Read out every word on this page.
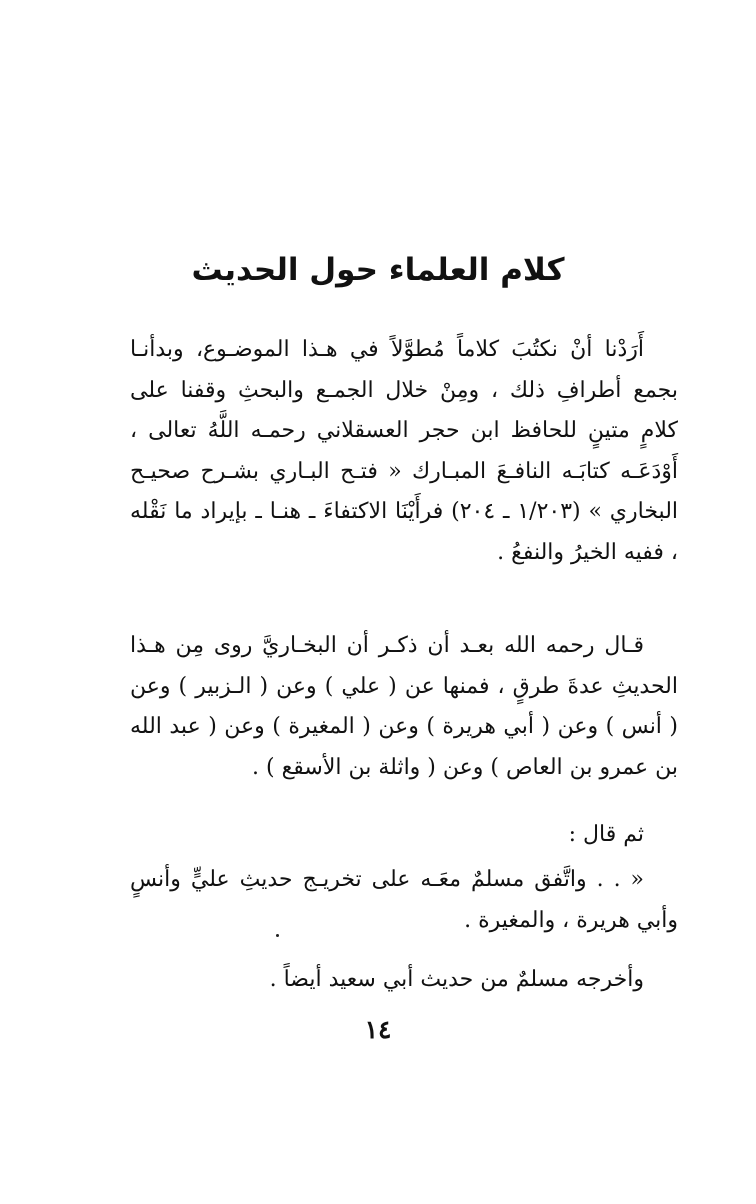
كلام العلماء حول الحديث

أَرَدْنا أنْ نكتُبَ كلاماً مُطوَّلاً في هـذا الموضـوع، وبدأنـا بجمع أطرافِ ذلك ، ومِنْ خلال الجمـع والبحثِ وقفنا على كلامٍ متينٍ للحافظ ابن حجر العسقلاني رحمـه اللَّهُ تعالى ، أَوْدَعَـه كتابَـه النافـعَ المبـارك « فتـح البـاري بشـرح صحيـح البخاري » (١/٢٠٣ ـ ٢٠٤) فرأَيْنَا الاكتفاءَ ـ هنـا ـ بإيراد ما نَقْله ، ففيه الخيرُ والنفعُ .

قـال رحمه الله بعـد أن ذكـر أن البخـاريَّ روى مِن هـذا الحديثِ عدةَ طرقٍ ، فمنها عن ( علي ) وعن ( الـزبير ) وعن ( أنس ) وعن ( أبي هريرة ) وعن ( المغيرة ) وعن ( عبد الله بن عمرو بن العاص ) وعن ( واثلة بن الأسقع ) .

ثم قال :

« . . واتَّفق مسلمٌ معَـه على تخريـج حديثِ عليٍّ وأنسٍ وأبي هريرة ، والمغيرة .

وأخرجه مسلمٌ من حديث أبي سعيد أيضاً .

١٤
